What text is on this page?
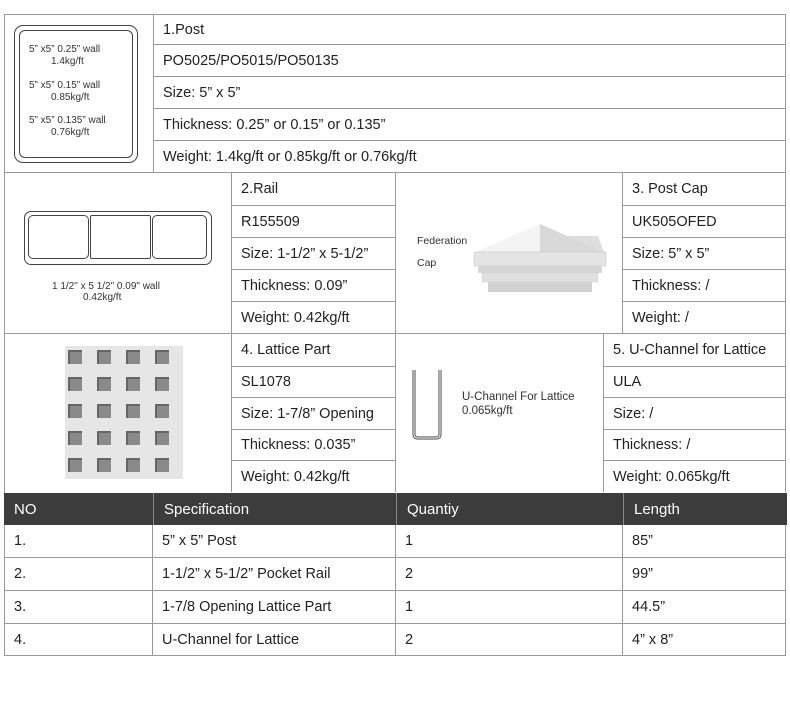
5” x5” 0.25” wall
1.4kg/ft
5” x5” 0.15” wall
0.85kg/ft
5” x5” 0.135” wall
0.76kg/ft
1.Post
PO5025/PO5015/PO50135
Size: 5” x 5”
Thickness: 0.25” or 0.15” or 0.135”
Weight: 1.4kg/ft or 0.85kg/ft or 0.76kg/ft
1 1/2" x 5 1/2" 0.09" wall
0.42kg/ft
2.Rail
R155509
Size: 1-1/2” x 5-1/2”
Thickness: 0.09”
Weight: 0.42kg/ft
Federation
Cap
3. Post Cap
UK505OFED
Size: 5” x 5”
Thickness: /
Weight: /
4. Lattice Part
SL1078
Size: 1-7/8” Opening
Thickness: 0.035”
Weight: 0.42kg/ft
U-Channel For Lattice
0.065kg/ft
5. U-Channel for Lattice
ULA
Size: /
Thickness: /
Weight: 0.065kg/ft
NO	Specification	Quantiy	Length
1.	5” x 5” Post	1	85”
2.	1-1/2” x 5-1/2” Pocket Rail	2	99”
3.	1-7/8 Opening Lattice Part	1	44.5”
4.	U-Channel for Lattice	2	4” x 8”
